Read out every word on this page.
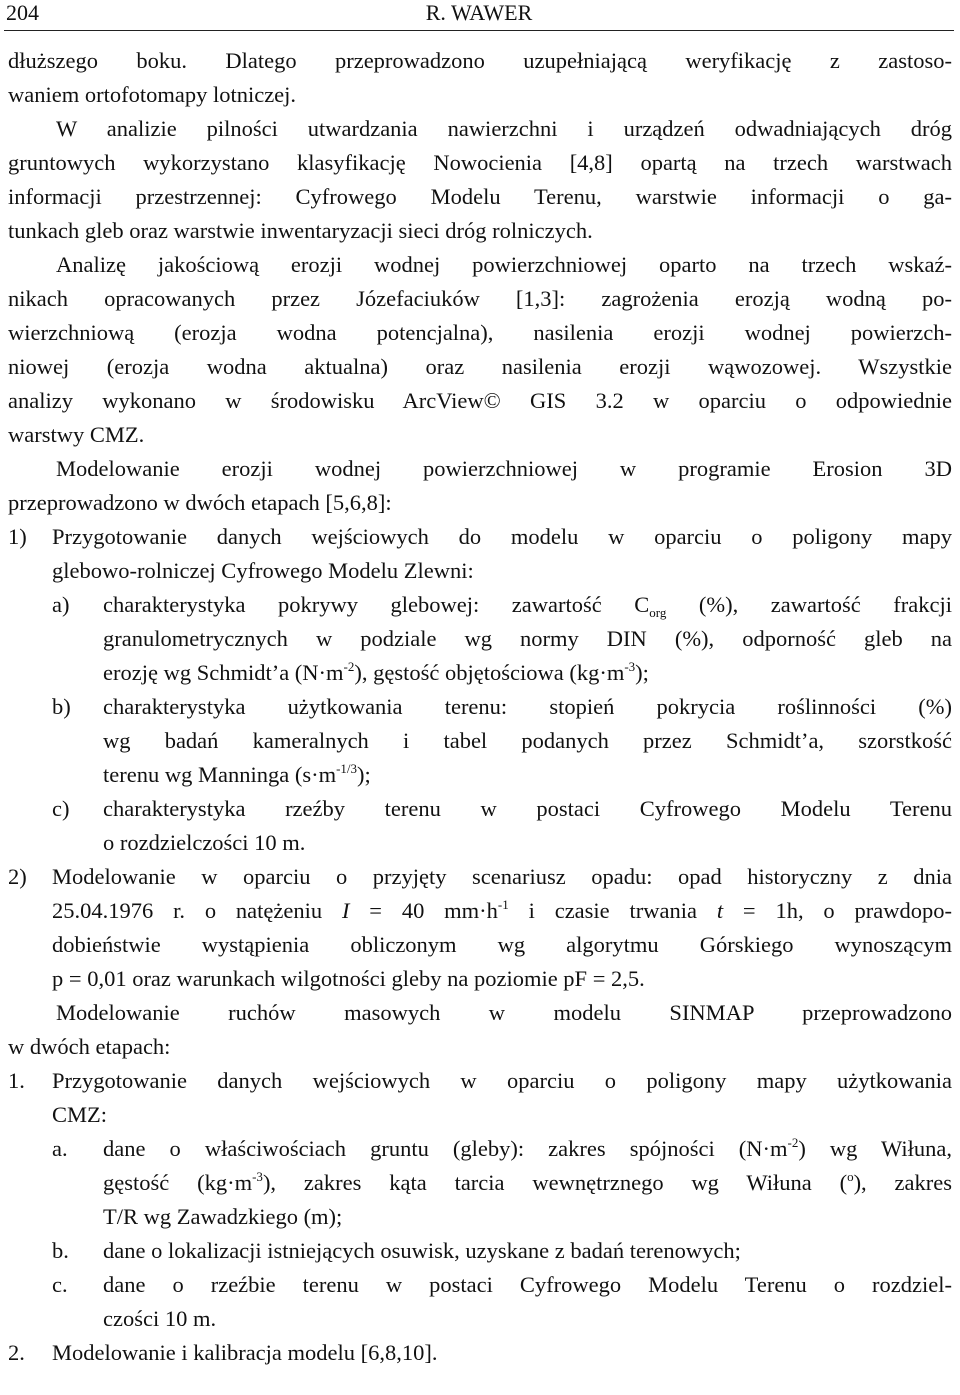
204	R. WAWER
dłuższego boku. Dlatego przeprowadzono uzupełniającą weryfikację z zastoso-
waniem ortofotomapy lotniczej.
W analizie pilności utwardzania nawierzchni i urządzeń odwadniających dróg
gruntowych wykorzystano klasyfikację Nowocienia [4,8] opartą na trzech warstwach
informacji przestrzennej: Cyfrowego Modelu Terenu, warstwie informacji o ga-
tunkach gleb oraz warstwie inwentaryzacji sieci dróg rolniczych.
Analizę jakościową erozji wodnej powierzchniowej oparto na trzech wskaź-
nikach opracowanych przez Józefaciuków [1,3]: zagrożenia erozją wodną po-
wierzchniową (erozja wodna potencjalna), nasilenia erozji wodnej powierzch-
niowej (erozja wodna aktualna) oraz nasilenia erozji wąwozowej. Wszystkie
analizy wykonano w środowisku ArcView© GIS 3.2 w oparciu o odpowiednie
warstwy CMZ.
Modelowanie erozji wodnej powierzchniowej w programie Erosion 3D
przeprowadzono w dwóch etapach [5,6,8]:
1) Przygotowanie danych wejściowych do modelu w oparciu o poligony mapy
glebowo-rolniczej Cyfrowego Modelu Zlewni:
a) charakterystyka pokrywy glebowej: zawartość $C_{org}$ (%), zawartość frakcji
granulometrycznych w podziale wg normy DIN (%), odporność gleb na
erozję wg Schmidt’a $(N\cdot m^{-2})$, gęstość objętościowa $(kg\cdot m^{-3})$;
b) charakterystyka użytkowania terenu: stopień pokrycia roślinności (%)
wg badań kameralnych i tabel podanych przez Schmidt’a, szorstkość
terenu wg Manninga $(s\cdot m^{-1/3})$;
c) charakterystyka rzeźby terenu w postaci Cyfrowego Modelu Terenu
o rozdzielczości 10 m.
2) Modelowanie w oparciu o przyjęty scenariusz opadu: opad historyczny z dnia
25.04.1976 r. o natężeniu I = 40 $mm\cdot h^{-1}$ i czasie trwania t = 1h, o prawdopo-
dobieństwie wystąpienia obliczonym wg algorytmu Górskiego wynoszącym
p = 0,01 oraz warunkach wilgotności gleby na poziomie pF = 2,5.
Modelowanie ruchów masowych w modelu SINMAP przeprowadzono
w dwóch etapach:
1. Przygotowanie danych wejściowych w oparciu o poligony mapy użytkowania
CMZ:
a. dane o właściwościach gruntu (gleby): zakres spójności $(N\cdot m^{-2})$ wg Wiłuna,
gęstość $(kg\cdot m^{-3})$, zakres kąta tarcia wewnętrznego wg Wiłuna ($^o$), zakres
T/R wg Zawadzkiego (m);
b. dane o lokalizacji istniejących osuwisk, uzyskane z badań terenowych;
c. dane o rzeźbie terenu w postaci Cyfrowego Modelu Terenu o rozdziel-
czości 10 m.
2. Modelowanie i kalibracja modelu [6,8,10].
